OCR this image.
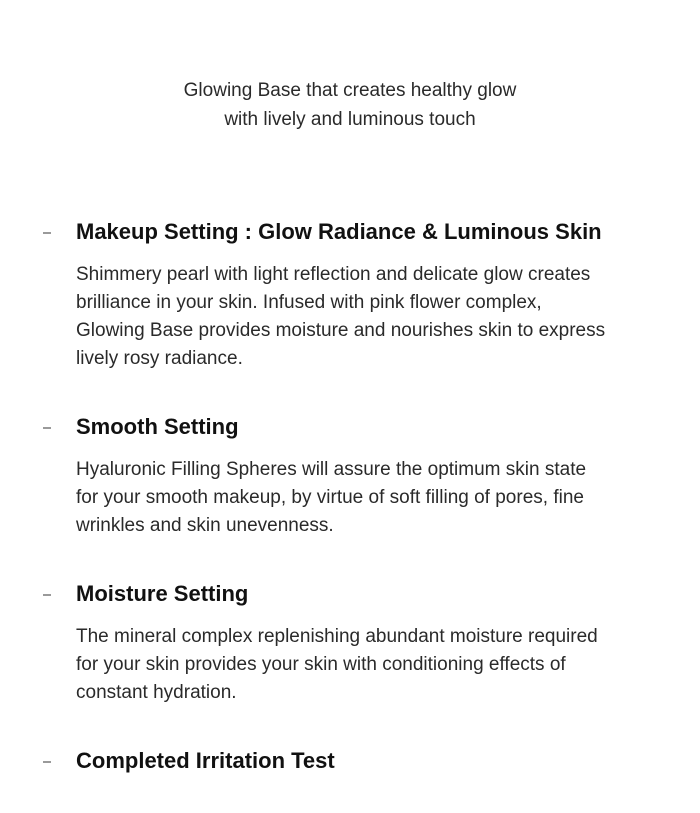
Glowing Base that creates healthy glow
with lively and luminous touch
Makeup Setting : Glow Radiance & Luminous Skin
Shimmery pearl with light reflection and delicate glow creates
brilliance in your skin. Infused with pink flower complex,
Glowing Base provides moisture and nourishes skin to express
lively rosy radiance.
Smooth Setting
Hyaluronic Filling Spheres will assure the optimum skin state
for your smooth makeup, by virtue of soft filling of pores, fine
wrinkles and skin unevenness.
Moisture Setting
The mineral complex replenishing abundant moisture required
for your skin provides your skin with conditioning effects of
constant hydration.
Completed Irritation Test
